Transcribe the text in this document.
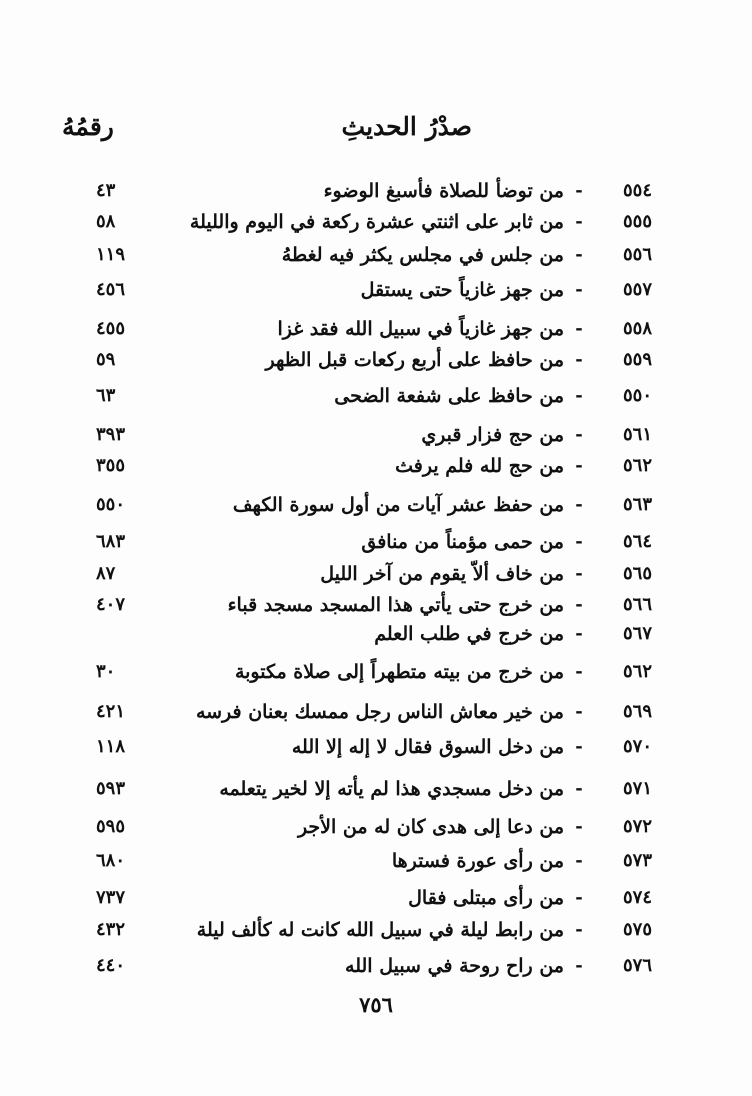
صدْرُ الحديثِ
رقمُهُ
٥٥٤
-
من توضأ للصلاة فأسبغ الوضوء
٤٣
٥٥٥
-
من ثابر على اثنتي عشرة ركعة في اليوم والليلة
٥٨
٥٥٦
-
من جلس في مجلس يكثر فيه لغطهُ
١١٩
٥٥٧
-
من جهز غازياً حتى يستقل
٤٥٦
٥٥٨
-
من جهز غازياً في سبيل الله فقد غزا
٤٥٥
٥٥٩
-
من حافظ على أربع ركعات قبل الظهر
٥٩
٥٥٠
-
من حافظ على شفعة الضحى
٦٣
٥٦١
-
من حج فزار قبري
٣٩٣
٥٦٢
-
من حج لله فلم يرفث
٣٥٥
٥٦٣
-
من حفظ عشر آيات من أول سورة الكهف
٥٥٠
٥٦٤
-
من حمى مؤمناً من منافق
٦٨٣
٥٦٥
-
من خاف ألاّ يقوم من آخر الليل
٨٧
٥٦٦
-
من خرج حتى يأتي هذا المسجد مسجد قباء
٤٠٧
٥٦٧
-
من خرج في طلب العلم
٥٦٢
-
من خرج من بيته متطهراً إلى صلاة مكتوبة
٣٠
٥٦٩
-
من خير معاش الناس رجل ممسك بعنان فرسه
٤٢١
٥٧٠
-
من دخل السوق فقال لا إله إلا الله
١١٨
٥٧١
-
من دخل مسجدي هذا لم يأته إلا لخير يتعلمه
٥٩٣
٥٧٢
-
من دعا إلى هدى كان له من الأجر
٥٩٥
٥٧٣
-
من رأى عورة فسترها
٦٨٠
٥٧٤
-
من رأى مبتلى فقال
٧٣٧
٥٧٥
-
من رابط ليلة في سبيل الله كانت له كألف ليلة
٤٣٢
٥٧٦
-
من راح روحة في سبيل الله
٤٤٠
٧٥٦
